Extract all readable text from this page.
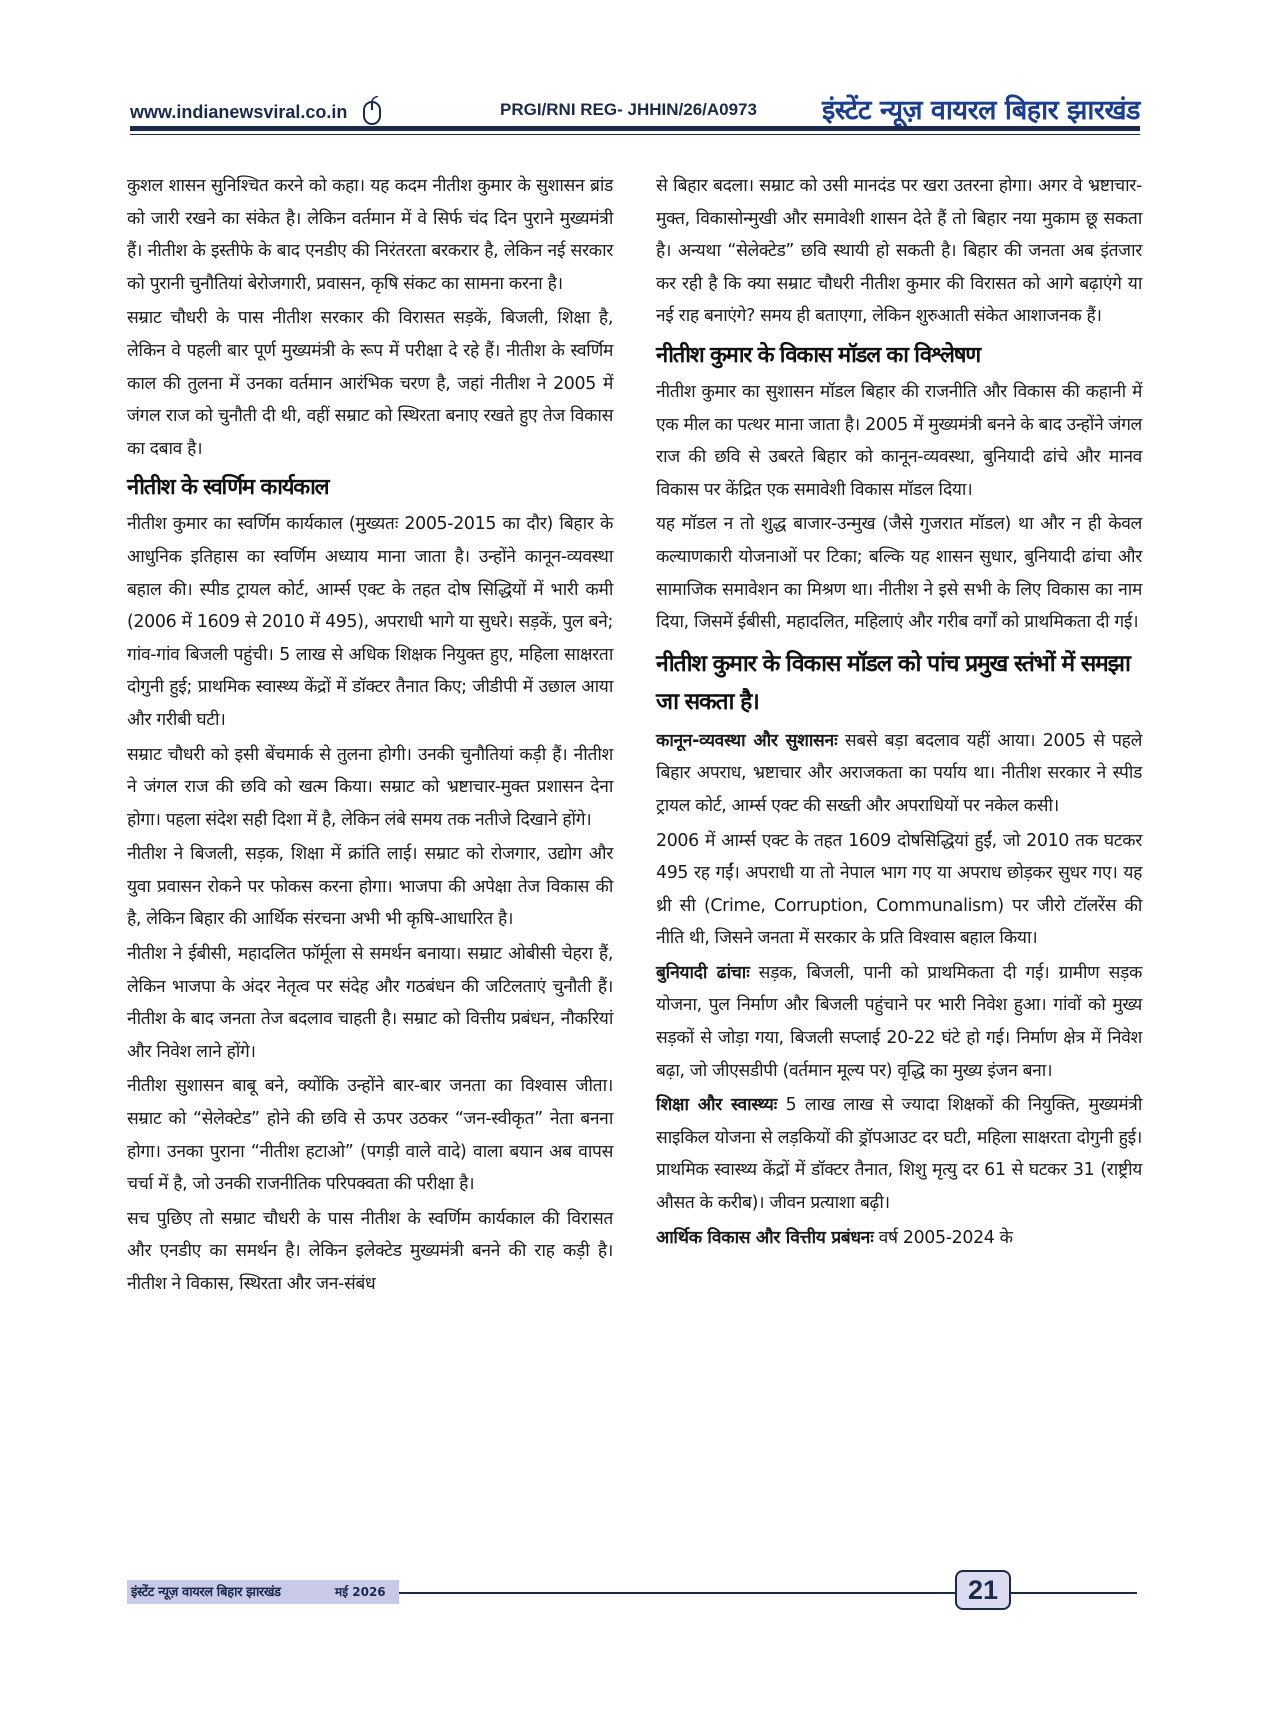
www.indianewsviral.co.in	PRGI/RNI REG- JHHIN/26/A0973 इंस्टेंट न्यूज़ वायरल बिहार झारखंड

कुशल शासन सुनिश्चित करने को कहा। यह कदम नीतीश कुमार के सुशासन ब्रांड को जारी रखने का संकेत है। लेकिन वर्तमान में वे सिर्फ चंद दिन पुराने मुख्यमंत्री हैं। नीतीश के इस्तीफे के बाद एनडीए की निरंतरता बरकरार है, लेकिन नई सरकार को पुरानी चुनौतियां बेरोजगारी, प्रवासन, कृषि संकट का सामना करना है।

सम्राट चौधरी के पास नीतीश सरकार की विरासत सड़कें, बिजली, शिक्षा है, लेकिन वे पहली बार पूर्ण मुख्यमंत्री के रूप में परीक्षा दे रहे हैं। नीतीश के स्वर्णिम काल की तुलना में उनका वर्तमान आरंभिक चरण है, जहां नीतीश ने 2005 में जंगल राज को चुनौती दी थी, वहीं सम्राट को स्थिरता बनाए रखते हुए तेज विकास का दबाव है।

नीतीश के स्वर्णिम कार्यकाल

नीतीश कुमार का स्वर्णिम कार्यकाल (मुख्यतः 2005-2015 का दौर) बिहार के आधुनिक इतिहास का स्वर्णिम अध्याय माना जाता है। उन्होंने कानून-व्यवस्था बहाल की। स्पीड ट्रायल कोर्ट, आर्म्स एक्ट के तहत दोष सिद्धियों में भारी कमी (2006 में 1609 से 2010 में 495), अपराधी भागे या सुधरे। सड़कें, पुल बने; गांव-गांव बिजली पहुंची। 5 लाख से अधिक शिक्षक नियुक्त हुए, महिला साक्षरता दोगुनी हुई; प्राथमिक स्वास्थ्य केंद्रों में डॉक्टर तैनात किए; जीडीपी में उछाल आया और गरीबी घटी।

सम्राट चौधरी को इसी बेंचमार्क से तुलना होगी। उनकी चुनौतियां कड़ी हैं। नीतीश ने जंगल राज की छवि को खत्म किया। सम्राट को भ्रष्टाचार-मुक्त प्रशासन देना होगा। पहला संदेश सही दिशा में है, लेकिन लंबे समय तक नतीजे दिखाने होंगे।

नीतीश ने बिजली, सड़क, शिक्षा में क्रांति लाई। सम्राट को रोजगार, उद्योग और युवा प्रवासन रोकने पर फोकस करना होगा। भाजपा की अपेक्षा तेज विकास की है, लेकिन बिहार की आर्थिक संरचना अभी भी कृषि-आधारित है।

नीतीश ने ईबीसी, महादलित फॉर्मूला से समर्थन बनाया। सम्राट ओबीसी चेहरा हैं, लेकिन भाजपा के अंदर नेतृत्व पर संदेह और गठबंधन की जटिलताएं चुनौती हैं। नीतीश के बाद जनता तेज बदलाव चाहती है। सम्राट को वित्तीय प्रबंधन, नौकरियां और निवेश लाने होंगे।

नीतीश सुशासन बाबू बने, क्योंकि उन्होंने बार-बार जनता का विश्वास जीता। सम्राट को “सेलेक्टेड” होने की छवि से ऊपर उठकर “जन-स्वीकृत” नेता बनना होगा। उनका पुराना “नीतीश हटाओ” (पगड़ी वाले वादे) वाला बयान अब वापस चर्चा में है, जो उनकी राजनीतिक परिपक्वता की परीक्षा है।

सच पुछिए तो सम्राट चौधरी के पास नीतीश के स्वर्णिम कार्यकाल की विरासत और एनडीए का समर्थन है। लेकिन इलेक्टेड मुख्यमंत्री बनने की राह कड़ी है। नीतीश ने विकास, स्थिरता और जन-संबंध

से बिहार बदला। सम्राट को उसी मानदंड पर खरा उतरना होगा। अगर वे भ्रष्टाचार-मुक्त, विकासोन्मुखी और समावेशी शासन देते हैं तो बिहार नया मुकाम छू सकता है। अन्यथा “सेलेक्टेड” छवि स्थायी हो सकती है। बिहार की जनता अब इंतजार कर रही है कि क्या सम्राट चौधरी नीतीश कुमार की विरासत को आगे बढ़ाएंगे या नई राह बनाएंगे? समय ही बताएगा, लेकिन शुरुआती संकेत आशाजनक हैं।

नीतीश कुमार के विकास मॉडल का विश्लेषण

नीतीश कुमार का सुशासन मॉडल बिहार की राजनीति और विकास की कहानी में एक मील का पत्थर माना जाता है। 2005 में मुख्यमंत्री बनने के बाद उन्होंने जंगल राज की छवि से उबरते बिहार को कानून-व्यवस्था, बुनियादी ढांचे और मानव विकास पर केंद्रित एक समावेशी विकास मॉडल दिया।

यह मॉडल न तो शुद्ध बाजार-उन्मुख (जैसे गुजरात मॉडल) था और न ही केवल कल्याणकारी योजनाओं पर टिका; बल्कि यह शासन सुधार, बुनियादी ढांचा और सामाजिक समावेशन का मिश्रण था। नीतीश ने इसे सभी के लिए विकास का नाम दिया, जिसमें ईबीसी, महादलित, महिलाएं और गरीब वर्गों को प्राथमिकता दी गई।

नीतीश कुमार के विकास मॉडल को पांच प्रमुख स्तंभों में समझा जा सकता है।

कानून-व्यवस्था और सुशासनः सबसे बड़ा बदलाव यहीं आया। 2005 से पहले बिहार अपराध, भ्रष्टाचार और अराजकता का पर्याय था। नीतीश सरकार ने स्पीड ट्रायल कोर्ट, आर्म्स एक्ट की सख्ती और अपराधियों पर नकेल कसी।

2006 में आर्म्स एक्ट के तहत 1609 दोषसिद्धियां हुईं, जो 2010 तक घटकर 495 रह गईं। अपराधी या तो नेपाल भाग गए या अपराध छोड़कर सुधर गए। यह थ्री सी (Crime, Corruption, Communalism) पर जीरो टॉलरेंस की नीति थी, जिसने जनता में सरकार के प्रति विश्वास बहाल किया।

बुनियादी ढांचाः सड़क, बिजली, पानी को प्राथमिकता दी गई। ग्रामीण सड़क योजना, पुल निर्माण और बिजली पहुंचाने पर भारी निवेश हुआ। गांवों को मुख्य सड़कों से जोड़ा गया, बिजली सप्लाई 20-22 घंटे हो गई। निर्माण क्षेत्र में निवेश बढ़ा, जो जीएसडीपी (वर्तमान मूल्य पर) वृद्धि का मुख्य इंजन बना।

शिक्षा और स्वास्थ्यः 5 लाख लाख से ज्यादा शिक्षकों की नियुक्ति, मुख्यमंत्री साइकिल योजना से लड़कियों की ड्रॉपआउट दर घटी, महिला साक्षरता दोगुनी हुई। प्राथमिक स्वास्थ्य केंद्रों में डॉक्टर तैनात, शिशु मृत्यु दर 61 से घटकर 31 (राष्ट्रीय औसत के करीब)। जीवन प्रत्याशा बढ़ी।

आर्थिक विकास और वित्तीय प्रबंधनः वर्ष 2005-2024 के

इंस्टेंट न्यूज़ वायरल बिहार झारखंड	मई 2026	21
